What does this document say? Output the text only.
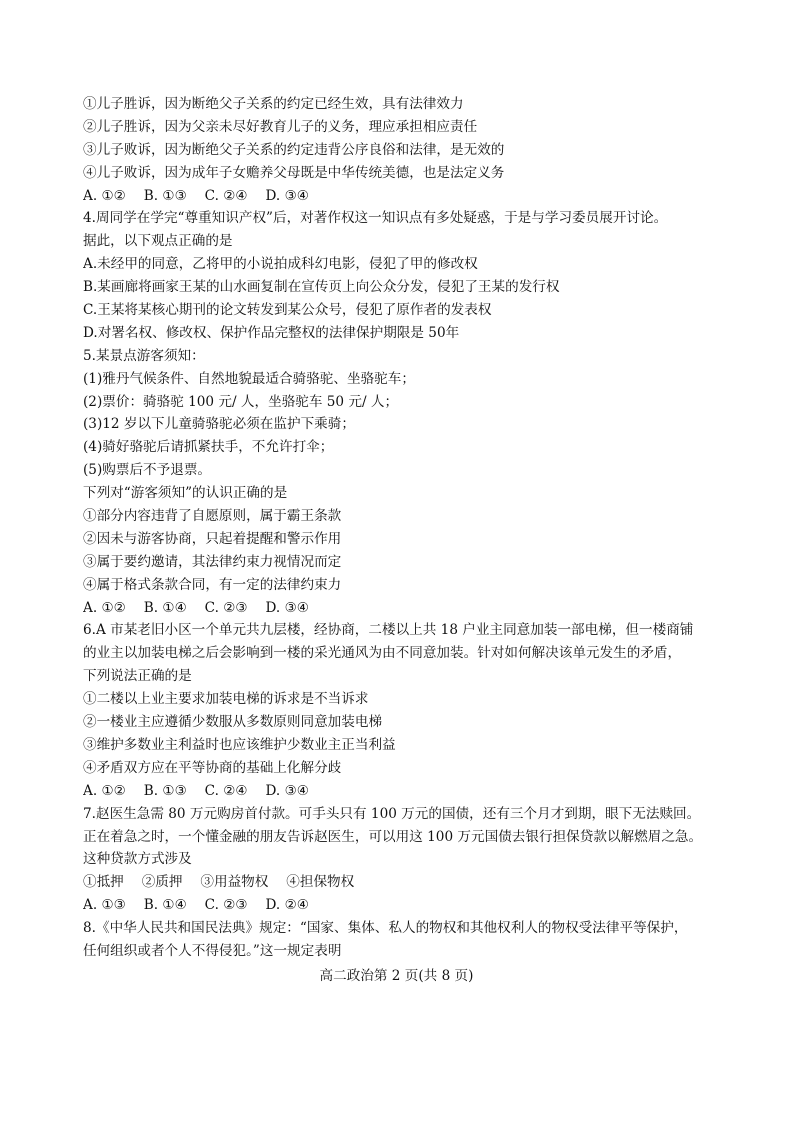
①儿子胜诉，因为断绝父子关系的约定已经生效，具有法律效力
②儿子胜诉，因为父亲未尽好教育儿子的义务，理应承担相应责任
③儿子败诉，因为断绝父子关系的约定违背公序良俗和法律，是无效的
④儿子败诉，因为成年子女赡养父母既是中华传统美德，也是法定义务
A. ①②　 B. ①③　 C. ②④　 D. ③④
4.周同学在学完“尊重知识产权”后，对著作权这一知识点有多处疑惑，于是与学习委员展开讨论。
据此，以下观点正确的是
A.未经甲的同意，乙将甲的小说拍成科幻电影，侵犯了甲的修改权
B.某画廊将画家王某的山水画复制在宣传页上向公众分发，侵犯了王某的发行权
C.王某将某核心期刊的论文转发到某公众号，侵犯了原作者的发表权
D.对署名权、修改权、保护作品完整权的法律保护期限是 50年
5.某景点游客须知：
(1)雅丹气候条件、自然地貌最适合骑骆驼、坐骆驼车；
(2)票价：骑骆驼 100 元/ 人，坐骆驼车 50 元/ 人；
(3)12 岁以下儿童骑骆驼必须在监护下乘骑；
(4)骑好骆驼后请抓紧扶手，不允许打伞；
(5)购票后不予退票。
下列对“游客须知”的认识正确的是
①部分内容违背了自愿原则，属于霸王条款
②因未与游客协商，只起着提醒和警示作用
③属于要约邀请，其法律约束力视情况而定
④属于格式条款合同，有一定的法律约束力
A. ①②　 B. ①④　 C. ②③　 D. ③④
6.A 市某老旧小区一个单元共九层楼，经协商，二楼以上共 18 户业主同意加装一部电梯，但一楼商铺
的业主以加装电梯之后会影响到一楼的采光通风为由不同意加装。针对如何解决该单元发生的矛盾，
下列说法正确的是
①二楼以上业主要求加装电梯的诉求是不当诉求
②一楼业主应遵循少数服从多数原则同意加装电梯
③维护多数业主利益时也应该维护少数业主正当利益
④矛盾双方应在平等协商的基础上化解分歧
A. ①②　 B. ①③　 C. ②④　 D. ③④
7.赵医生急需 80 万元购房首付款。可手头只有 100 万元的国债，还有三个月才到期，眼下无法赎回。
正在着急之时，一个懂金融的朋友告诉赵医生，可以用这 100 万元国债去银行担保贷款以解燃眉之急。
这种贷款方式涉及
①抵押　 ②质押　 ③用益物权　 ④担保物权
A. ①③　 B. ①④　 C. ②③　 D. ②④
8.《中华人民共和国民法典》规定：“国家、集体、私人的物权和其他权利人的物权受法律平等保护，
任何组织或者个人不得侵犯。”这一规定表明
高二政治第 2 页(共 8 页)
